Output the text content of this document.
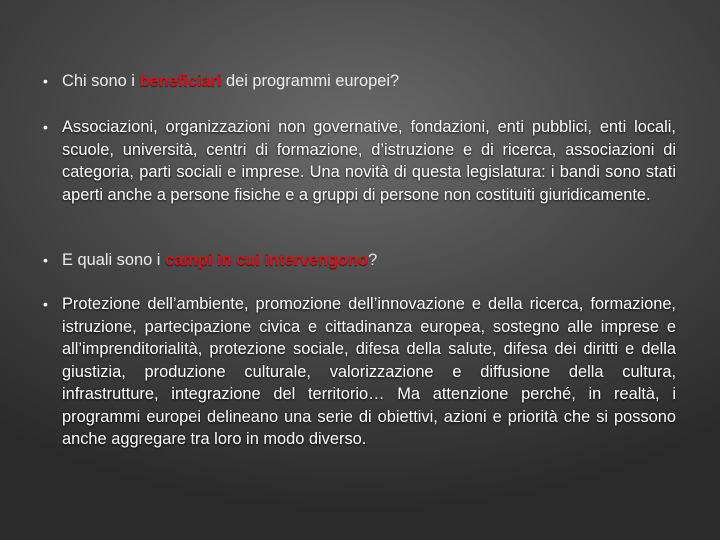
• Chi sono i beneficiari dei programmi europei?
• Associazioni, organizzazioni non governative, fondazioni, enti pubblici, enti locali, scuole, università, centri di formazione, d’istruzione e di ricerca, associazioni di categoria, parti sociali e imprese. Una novità di questa legislatura: i bandi sono stati aperti anche a persone fisiche e a gruppi di persone non costituiti giuridicamente.
• E quali sono i campi in cui intervengono?
• Protezione dell’ambiente, promozione dell’innovazione e della ricerca, formazione, istruzione, partecipazione civica e cittadinanza europea, sostegno alle imprese e all’imprenditorialità, protezione sociale, difesa della salute, difesa dei diritti e della giustizia, produzione culturale, valorizzazione e diffusione della cultura, infrastrutture, integrazione del territorio… Ma attenzione perché, in realtà, i programmi europei delineano una serie di obiettivi, azioni e priorità che si possono anche aggregare tra loro in modo diverso.
